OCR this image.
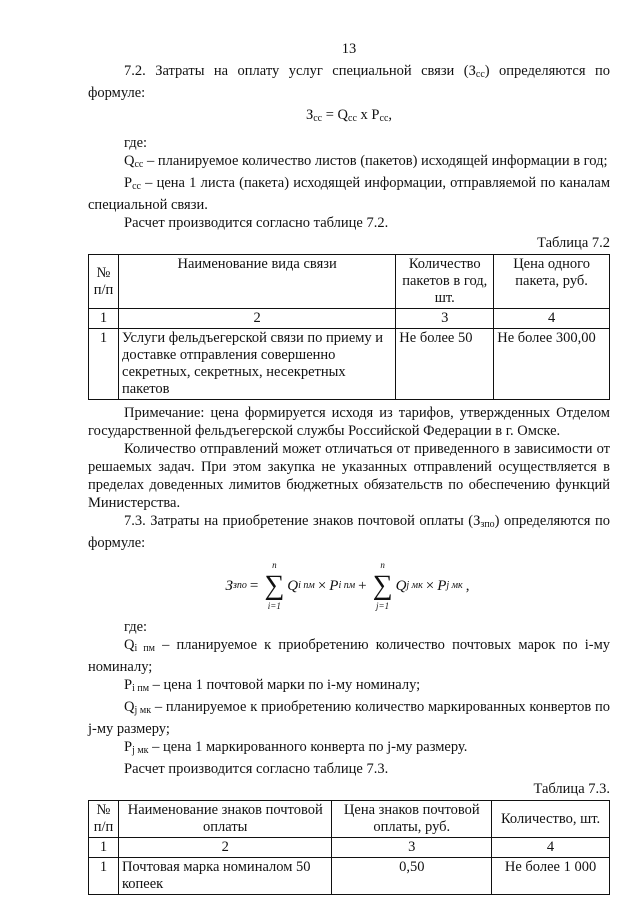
13

7.2. Затраты на оплату услуг специальной связи $(З_{сс})$ определяются по формуле:

$З_{сс} = Q_{сс}$ x $P_{сс}$,

где:

$Q_{сс}$ – планируемое количество листов (пакетов) исходящей информации в год;

$Р_{сс}$ – цена 1 листа (пакета) исходящей информации, отправляемой по каналам специальной связи.

Расчет производится согласно таблице 7.2.

Таблица 7.2
№ п/п	Наименование вида связи	Количество пакетов в год, шт.	Цена одного пакета, руб.
1	2	3	4
1	Услуги фельдъегерской связи по приему и доставке отправления совершенно секретных, секретных, несекретных пакетов	Не более 50	Не более 300,00

Примечание: цена формируется исходя из тарифов, утвержденных Отделом государственной фельдъегерской службы Российской Федерации в г. Омске.

Количество отправлений может отличаться от приведенного в зависимости от решаемых задач. При этом закупка не указанных отправлений осуществляется в пределах доведенных лимитов бюджетных обязательств по обеспечению функций Министерства.

7.3. Затраты на приобретение знаков почтовой оплаты $(З_{зпо})$ определяются по формуле:

З зпо =
n
∑
i=1
Q i пм × P i пм +
n
∑
j=1
Q j мк × P j мк ,

где:

$Q_{i пм}$ – планируемое к приобретению количество почтовых марок по i-му номиналу;

$P_{i пм}$ – цена 1 почтовой марки по i-му номиналу;

$Q_{j мк}$ – планируемое к приобретению количество маркированных конвертов по j-му размеру;

$P_{j мк}$ – цена 1 маркированного конверта по j-му размеру.

Расчет производится согласно таблице 7.3.

Таблица 7.3.
№ п/п	Наименование знаков почтовой оплаты	Цена знаков почтовой оплаты, руб.	Количество, шт.
1	2	3	4
1	Почтовая марка номиналом 50 копеек	0,50	Не более 1 000
